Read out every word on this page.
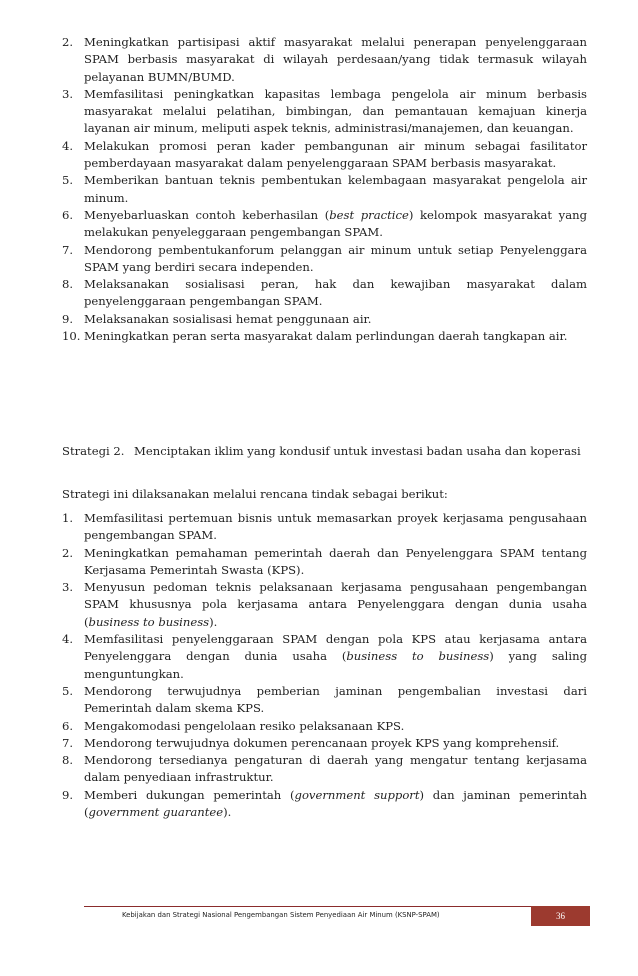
2. Meningkatkan partisipasi aktif masyarakat melalui penerapan penyelenggaraan SPAM berbasis masyarakat di wilayah perdesaan/yang tidak termasuk wilayah pelayanan BUMN/BUMD.
3. Memfasilitasi peningkatkan kapasitas lembaga pengelola air minum berbasis masyarakat melalui pelatihan, bimbingan, dan pemantauan kemajuan kinerja layanan air minum, meliputi aspek teknis, administrasi/manajemen, dan keuangan.
4. Melakukan promosi peran kader pembangunan air minum sebagai fasilitator pemberdayaan masyarakat dalam penyelenggaraan SPAM berbasis masyarakat.
5. Memberikan bantuan teknis pembentukan kelembagaan masyarakat pengelola air minum.
6. Menyebarluaskan contoh keberhasilan (best practice) kelompok masyarakat yang melakukan penyeleggaraan pengembangan SPAM.
7. Mendorong pembentukanforum pelanggan air minum untuk setiap Penyelenggara SPAM yang berdiri secara independen.
8. Melaksanakan sosialisasi peran, hak dan kewajiban masyarakat dalam penyelenggaraan pengembangan SPAM.
9. Melaksanakan sosialisasi hemat penggunaan air.
10. Meningkatkan peran serta masyarakat dalam perlindungan daerah tangkapan air.
Strategi 2. Menciptakan iklim yang kondusif untuk investasi badan usaha dan koperasi
Strategi ini dilaksanakan melalui rencana tindak sebagai berikut:
1. Memfasilitasi pertemuan bisnis untuk memasarkan proyek kerjasama pengusahaan pengembangan SPAM.
2. Meningkatkan pemahaman pemerintah daerah dan Penyelenggara SPAM tentang Kerjasama Pemerintah Swasta (KPS).
3. Menyusun pedoman teknis pelaksanaan kerjasama pengusahaan pengembangan SPAM khususnya pola kerjasama antara Penyelenggara dengan dunia usaha (business to business).
4. Memfasilitasi penyelenggaraan SPAM dengan pola KPS atau kerjasama antara Penyelenggara dengan dunia usaha (business to business) yang saling menguntungkan.
5. Mendorong terwujudnya pemberian jaminan pengembalian investasi dari Pemerintah dalam skema KPS.
6. Mengakomodasi pengelolaan resiko pelaksanaan KPS.
7. Mendorong terwujudnya dokumen perencanaan proyek KPS yang komprehensif.
8. Mendorong tersedianya pengaturan di daerah yang mengatur tentang kerjasama dalam penyediaan infrastruktur.
9. Memberi dukungan pemerintah (government support) dan jaminan pemerintah (government guarantee).
Kebijakan dan Strategi Nasional Pengembangan Sistem Penyediaan Air Minum (KSNP-SPAM)	36
